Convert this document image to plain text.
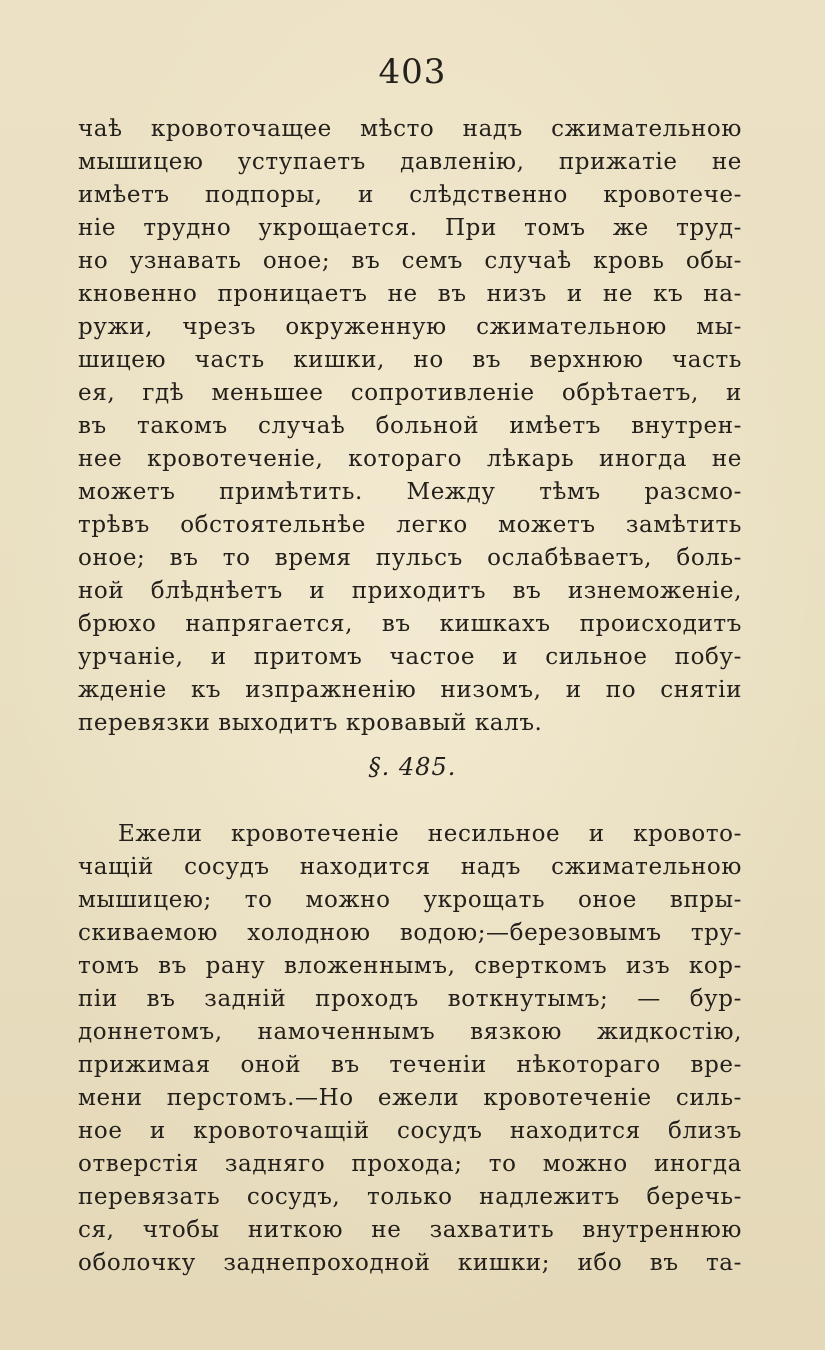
403
чаѣ кровоточащее мѣсто надъ сжимательною
мышицею уступаетъ давленію, прижатіе не
имѣетъ подпоры, и слѣдственно кровотече-
ніе трудно укрощается. При томъ же труд-
но узнавать оное; въ семъ случаѣ кровь обы-
кновенно проницаетъ не въ низъ и не къ на-
ружи, чрезъ окруженную сжимательною мы-
шицею часть кишки, но въ верхнюю часть
ея, гдѣ меньшее сопротивленіе обрѣтаетъ, и
въ такомъ случаѣ больной имѣетъ внутрен-
нее кровотеченіе, котораго лѣкарь иногда не
можетъ примѣтить. Между тѣмъ разсмо-
трѣвъ обстоятельнѣе легко можетъ замѣтить
оное; въ то время пульсъ ослабѣваетъ, боль-
ной блѣднѣетъ и приходитъ въ изнеможеніе,
брюхо напрягается, въ кишкахъ происходитъ
урчаніе, и притомъ частое и сильное побу-
жденіе къ изпражненію низомъ, и по снятіи
перевязки выходитъ кровавый калъ.
§. 485.
Ежели кровотеченіе несильное и кровото-
чащій сосудъ находится надъ сжимательною
мышицею; то можно укрощать оное впры-
скиваемою холодною водою;—березовымъ тру-
томъ въ рану вложеннымъ, сверткомъ изъ кор-
піи въ задній проходъ воткнутымъ; — бур-
доннетомъ, намоченнымъ вязкою жидкостію,
прижимая оной въ теченіи нѣкотораго вре-
мени перстомъ.—Но ежели кровотеченіе силь-
ное и кровоточащій сосудъ находится близъ
отверстія задняго прохода; то можно иногда
перевязать сосудъ, только надлежитъ беречь-
ся, чтобы ниткою не захватить внутреннюю
оболочку заднепроходной кишки; ибо въ та-
